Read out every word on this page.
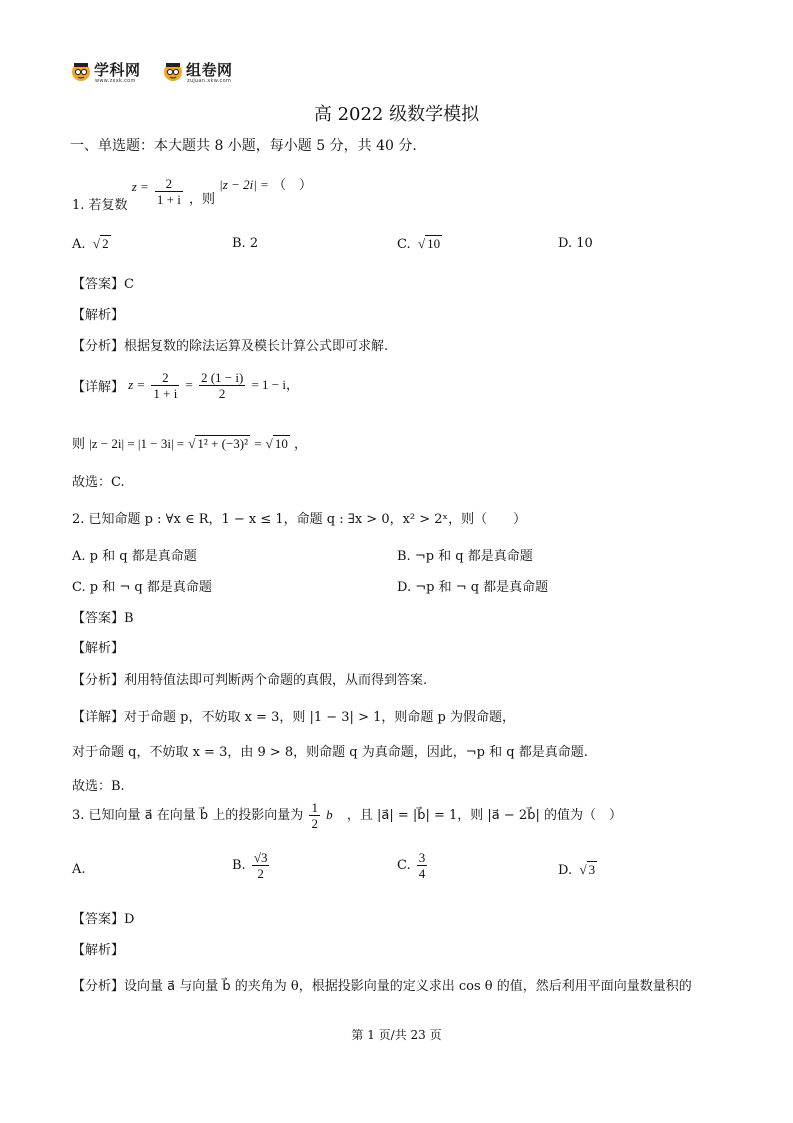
学科网
www.zxxk.com
组卷网
zujuan.xkw.com
高 2022 级数学模拟
一、单选题：本大题共 8 小题，每小题 5 分，共 40 分.
1. 若复数 $z = \frac{2}{1 + i}$ ，则 |z − 2i| = （　）
A.  √ 2	B. 2	C.  √ 10	D. 10
【答案】C
【解析】
【分析】根据复数的除法运算及模长计算公式即可求解.
【详解】 $z = \frac{2}{1 + i} = \frac{2 (1 - i)}{2} = 1 - i$，
则 |z − 2i| = |1 − 3i| = √ 1² + (−3)² = √ 10 ，
故选：C.
2. 已知命题 p : ∀x ∈ R，1 − x ≤ 1，命题 q : ∃x > 0，x² > 2ˣ，则（　　）
A. p 和 q 都是真命题	B. ¬p 和 q 都是真命题
C. p 和 ¬ q 都是真命题	D. ¬p 和 ¬ q 都是真命题
【答案】B
【解析】
【分析】利用特值法即可判断两个命题的真假，从而得到答案.
【详解】对于命题 p，不妨取 x = 3，则 |1 − 3| > 1，则命题 p 为假命题，
对于命题 q，不妨取 x = 3，由 9 > 8，则命题 q 为真命题，因此，¬p 和 q 都是真命题.
故选：B.
3. 已知向量 a⃗ 在向量 b⃗ 上的投影向量为 $\frac{1}{2}$ b⃗ ，且 |a⃗| = |b⃗| = 1，则 |a⃗ − 2b⃗| 的值为（　）
A.	B. $\frac{√3}{2}$	C. $\frac{3}{4}$	D.  √ 3
【答案】D
【解析】
【分析】设向量 a⃗ 与向量 b⃗ 的夹角为 θ，根据投影向量的定义求出 cos θ 的值，然后利用平面向量数量积的
第 1 页/共 23 页
